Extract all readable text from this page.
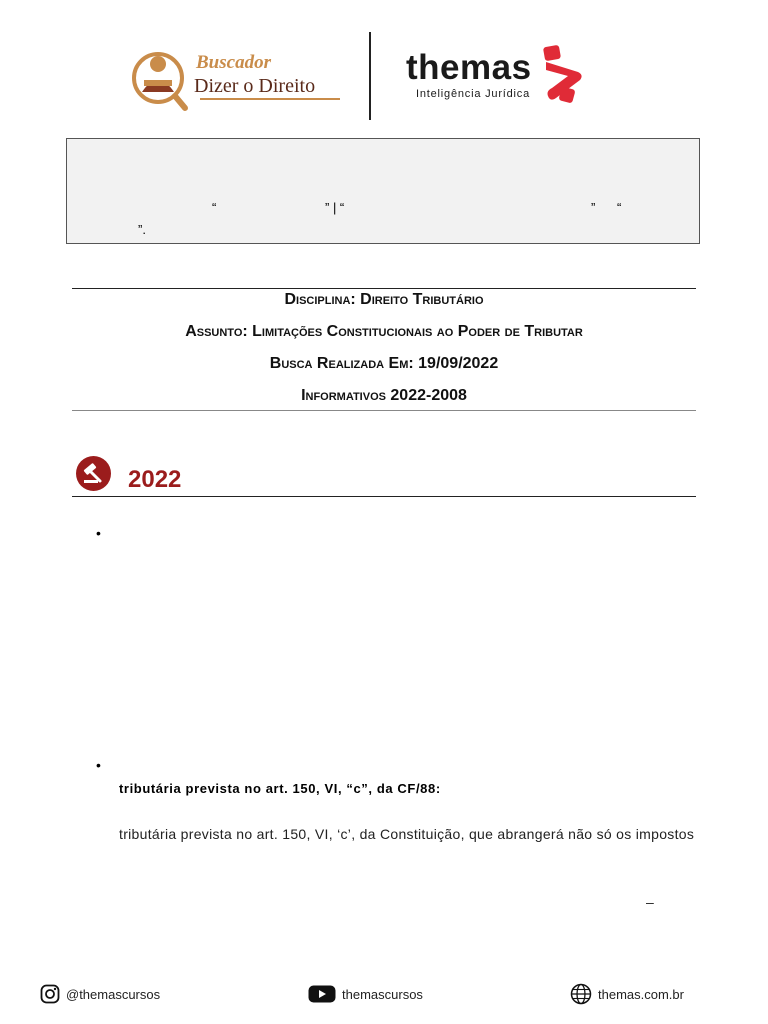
Buscador
Dizer o Direito	themas
Inteligência Jurídica
“	” | “	” “
”.
Disciplina: Direito Tributário
Assunto: Limitações Constitucionais ao Poder de Tributar
Busca Realizada Em: 19/09/2022
Informativos 2022-2008
2022
•
•
tributária prevista no art. 150, VI, “c”, da CF/88:
tributária prevista no art. 150, VI, ‘c’, da Constituição, que abrangerá não só os impostos
–
@themascursos	themascursos	themas.com.br
